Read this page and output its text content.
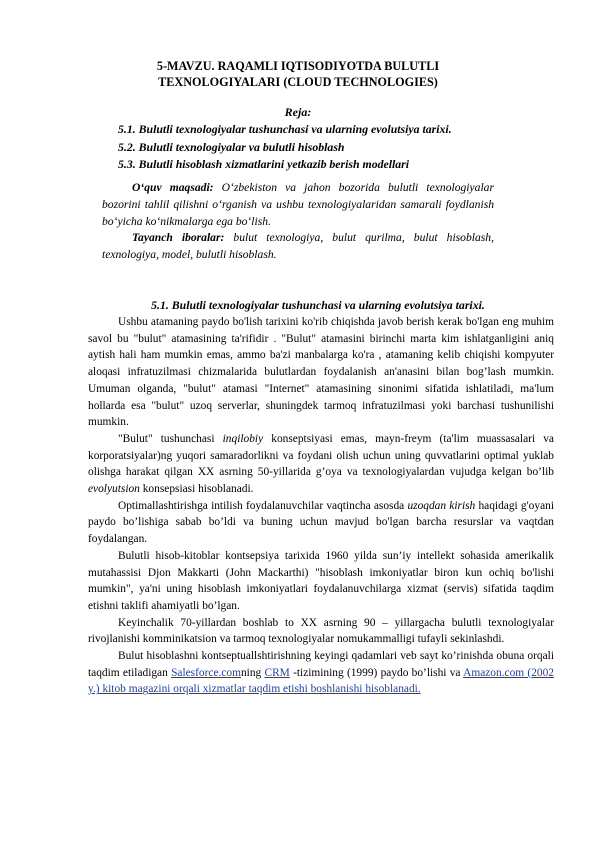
5-MAVZU. RAQAMLI IQTISODIYOTDA BULUTLI
TEXNOLOGIYALARI (CLOUD TECHNOLOGIES)
Reja:
5.1. Bulutli texnologiyalar tushunchasi va ularning evolutsiya tarixi.
5.2. Bulutli texnologiyalar va bulutli hisoblash
5.3. Bulutli hisoblash xizmatlarini yetkazib berish modellari

O‘quv maqsadi: O‘zbekiston va jahon bozorida bulutli texnologiyalar bozorini tahlil qilishni o‘rganish va ushbu texnologiyalaridan samarali foydlanish bo‘yicha ko‘nikmalarga ega bo‘lish.

Tayanch iboralar: bulut texnologiya, bulut qurilma, bulut hisoblash, texnologiya, model, bulutli hisoblash.

5.1. Bulutli texnologiyalar tushunchasi va ularning evolutsiya tarixi.

Ushbu atamaning paydo bo'lish tarixini ko'rib chiqishda javob berish kerak bo'lgan eng muhim savol bu "bulut" atamasining ta'rifidir . "Bulut" atamasini birinchi marta kim ishlatganligini aniq aytish hali ham mumkin emas, ammo ba'zi manbalarga ko'ra , atamaning kelib chiqishi kompyuter aloqasi infratuzilmasi chizmalarida bulutlardan foydalanish an'anasini bilan bog’lash mumkin. Umuman olganda, "bulut" atamasi "Internet" atamasining sinonimi sifatida ishlatiladi, ma'lum hollarda esa "bulut" uzoq serverlar, shuningdek tarmoq infratuzilmasi yoki barchasi tushunilishi mumkin.

"Bulut" tushunchasi inqilobiy konseptsiyasi emas, mayn-freym (ta'lim muassasalari va korporatsiyalar)ng yuqori samaradorlikni va foydani olish uchun uning quvvatlarini optimal yuklab olishga harakat qilgan XX asrning 50-yillarida g’oya va texnologiyalardan vujudga kelgan bo’lib evolyutsion konsepsiasi hisoblanadi.

Optimallashtirishga intilish foydalanuvchilar vaqtincha asosda uzoqdan kirish haqidagi g'oyani paydo bo’lishiga sabab bo’ldi va buning uchun mavjud bo'lgan barcha resurslar va vaqtdan foydalangan.

Bulutli hisob-kitoblar kontsepsiya tarixida 1960 yilda sun’iy intellekt sohasida amerikalik mutahassisi Djon Makkarti (John Mackarthi) "hisoblash imkoniyatlar biron kun ochiq bo'lishi mumkin", ya'ni uning hisoblash imkoniyatlari foydalanuvchilarga xizmat (servis) sifatida taqdim etishni taklifi ahamiyatli bo’lgan.

Keyinchalik 70-yillardan boshlab to XX asrning 90 – yillargacha bulutli texnologiyalar rivojlanishi komminikatsion va tarmoq texnologiyalar nomukammalligi tufayli sekinlashdi.

Bulut hisoblashni kontseptuallshtirishning keyingi qadamlari veb sayt ko’rinishda obuna orqali taqdim etiladigan Salesforce.comning CRM -tizimining (1999) paydo bo’lishi va Amazon.com (2002 y.) kitob magazini orqali xizmatlar taqdim etishi boshlanishi hisoblanadi.
